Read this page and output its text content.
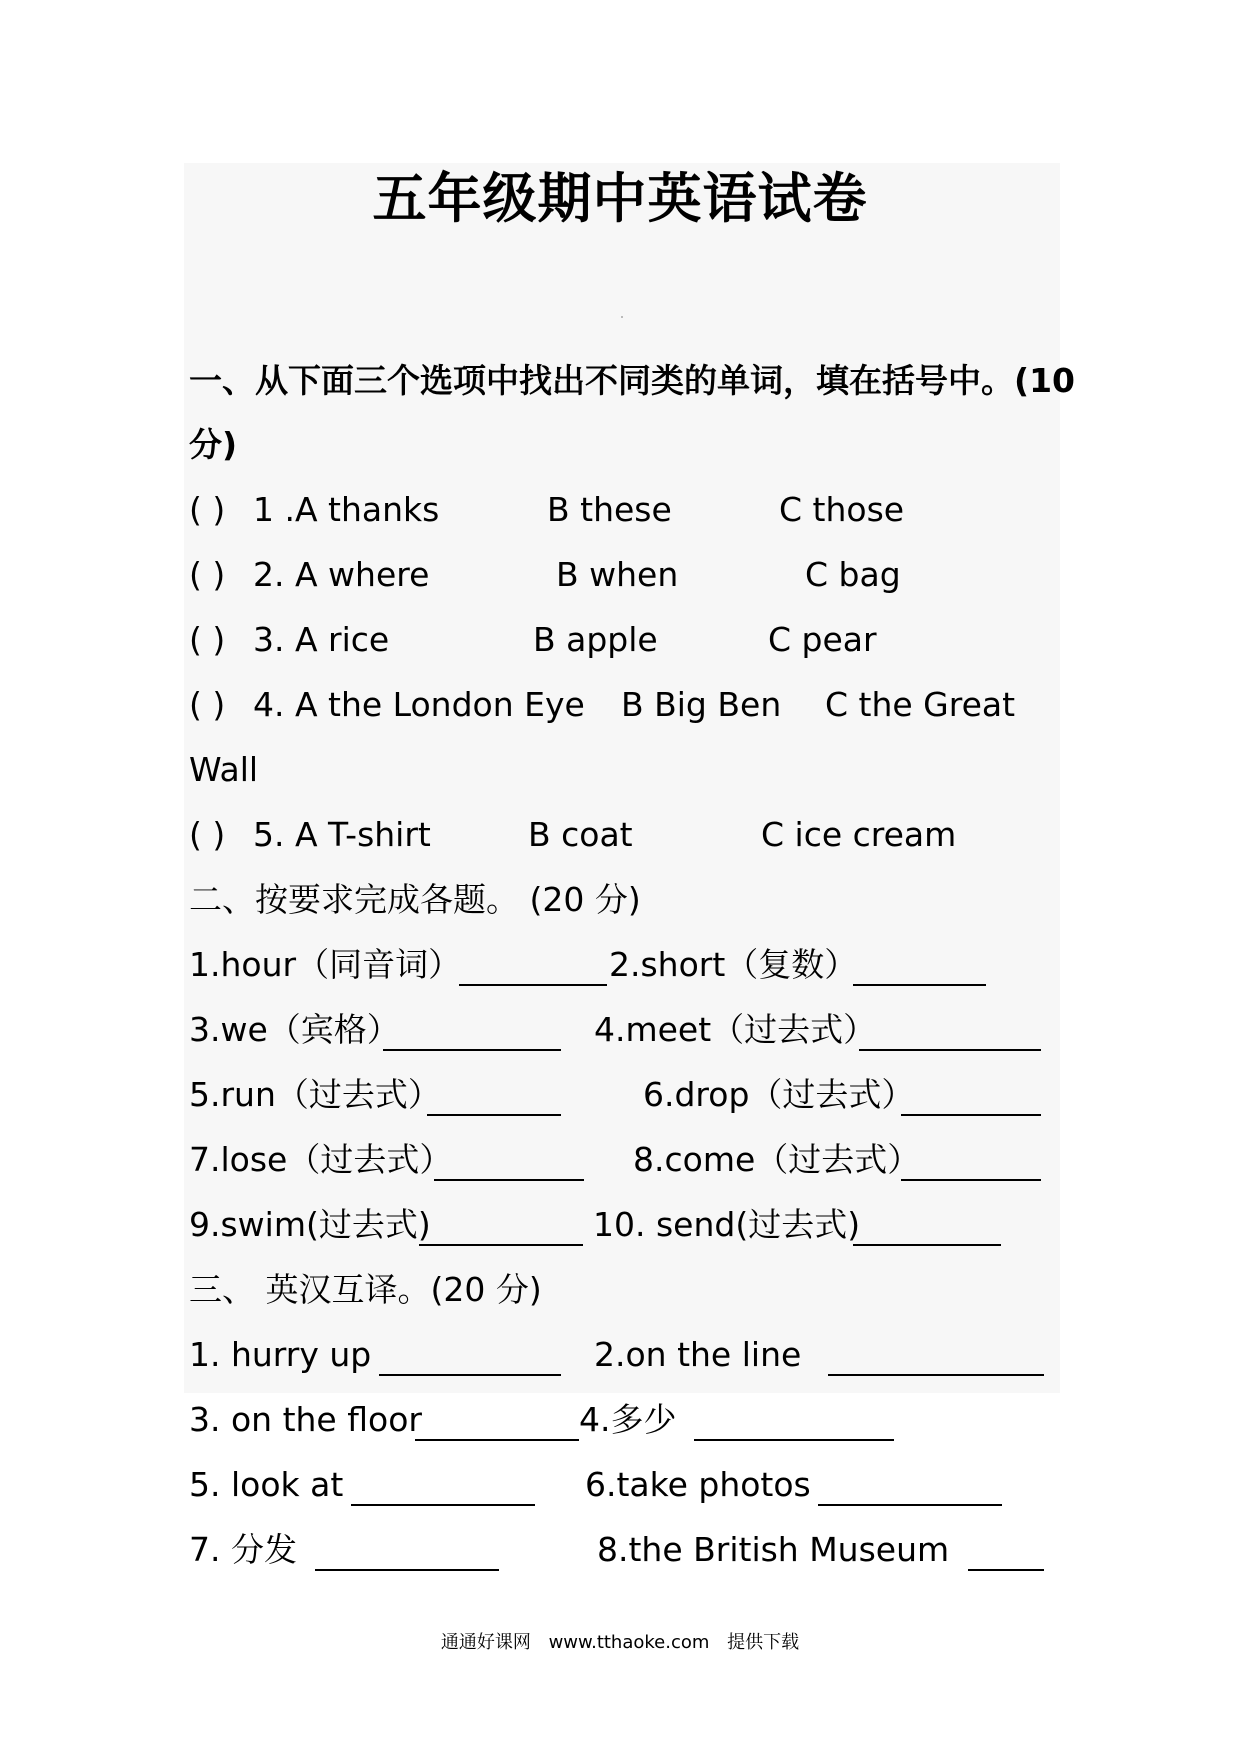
五年级期中英语试卷
一、从下面三个选项中找出不同类的单词，填在括号中。(10
分)
( ) 1 .A thanks	B these	C those
( ) 2. A where	B when	C bag
( ) 3. A rice	B apple	C pear
( ) 4. A the London Eye B Big Ben C the Great
Wall
( ) 5. A T-shirt	B coat	C ice cream
二、按要求完成各题。 (20 分)
1.hour（同音词）	2.short（复数）
3.we（宾格）	4.meet（过去式）
5.run（过去式）	6.drop（过去式）
7.lose（过去式）	8.come（过去式）
9.swim(过去式)	10. send(过去式)
三、 英汉互译。(20 分)
1. hurry up	2.on the line
3. on the floor	4.多少
5. look at	6.take photos
7. 分发	8.the British Museum
通通好课网 www.tthaoke.com 提供下载
